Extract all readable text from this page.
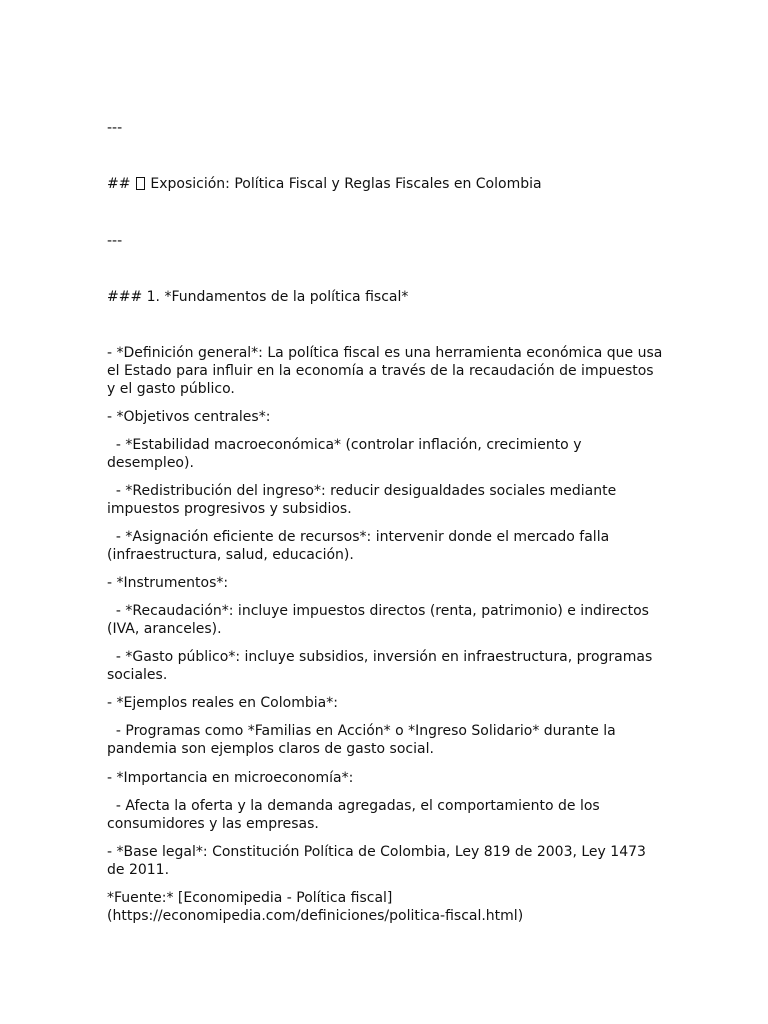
---

##  Exposición: Política Fiscal y Reglas Fiscales en Colombia

---

### 1. *Fundamentos de la política fiscal*

- *Definición general*: La política fiscal es una herramienta económica que usa el Estado para influir en la economía a través de la recaudación de impuestos y el gasto público.

- *Objetivos centrales*:

- *Estabilidad macroeconómica* (controlar inflación, crecimiento y desempleo).

- *Redistribución del ingreso*: reducir desigualdades sociales mediante impuestos progresivos y subsidios.

- *Asignación eficiente de recursos*: intervenir donde el mercado falla (infraestructura, salud, educación).

- *Instrumentos*:

- *Recaudación*: incluye impuestos directos (renta, patrimonio) e indirectos (IVA, aranceles).

- *Gasto público*: incluye subsidios, inversión en infraestructura, programas sociales.

- *Ejemplos reales en Colombia*:

- Programas como *Familias en Acción* o *Ingreso Solidario* durante la pandemia son ejemplos claros de gasto social.

- *Importancia en microeconomía*:

- Afecta la oferta y la demanda agregadas, el comportamiento de los consumidores y las empresas.

- *Base legal*: Constitución Política de Colombia, Ley 819 de 2003, Ley 1473 de 2011.

*Fuente:* [Economipedia - Política fiscal](https://economipedia.com/definiciones/politica-fiscal.html)
